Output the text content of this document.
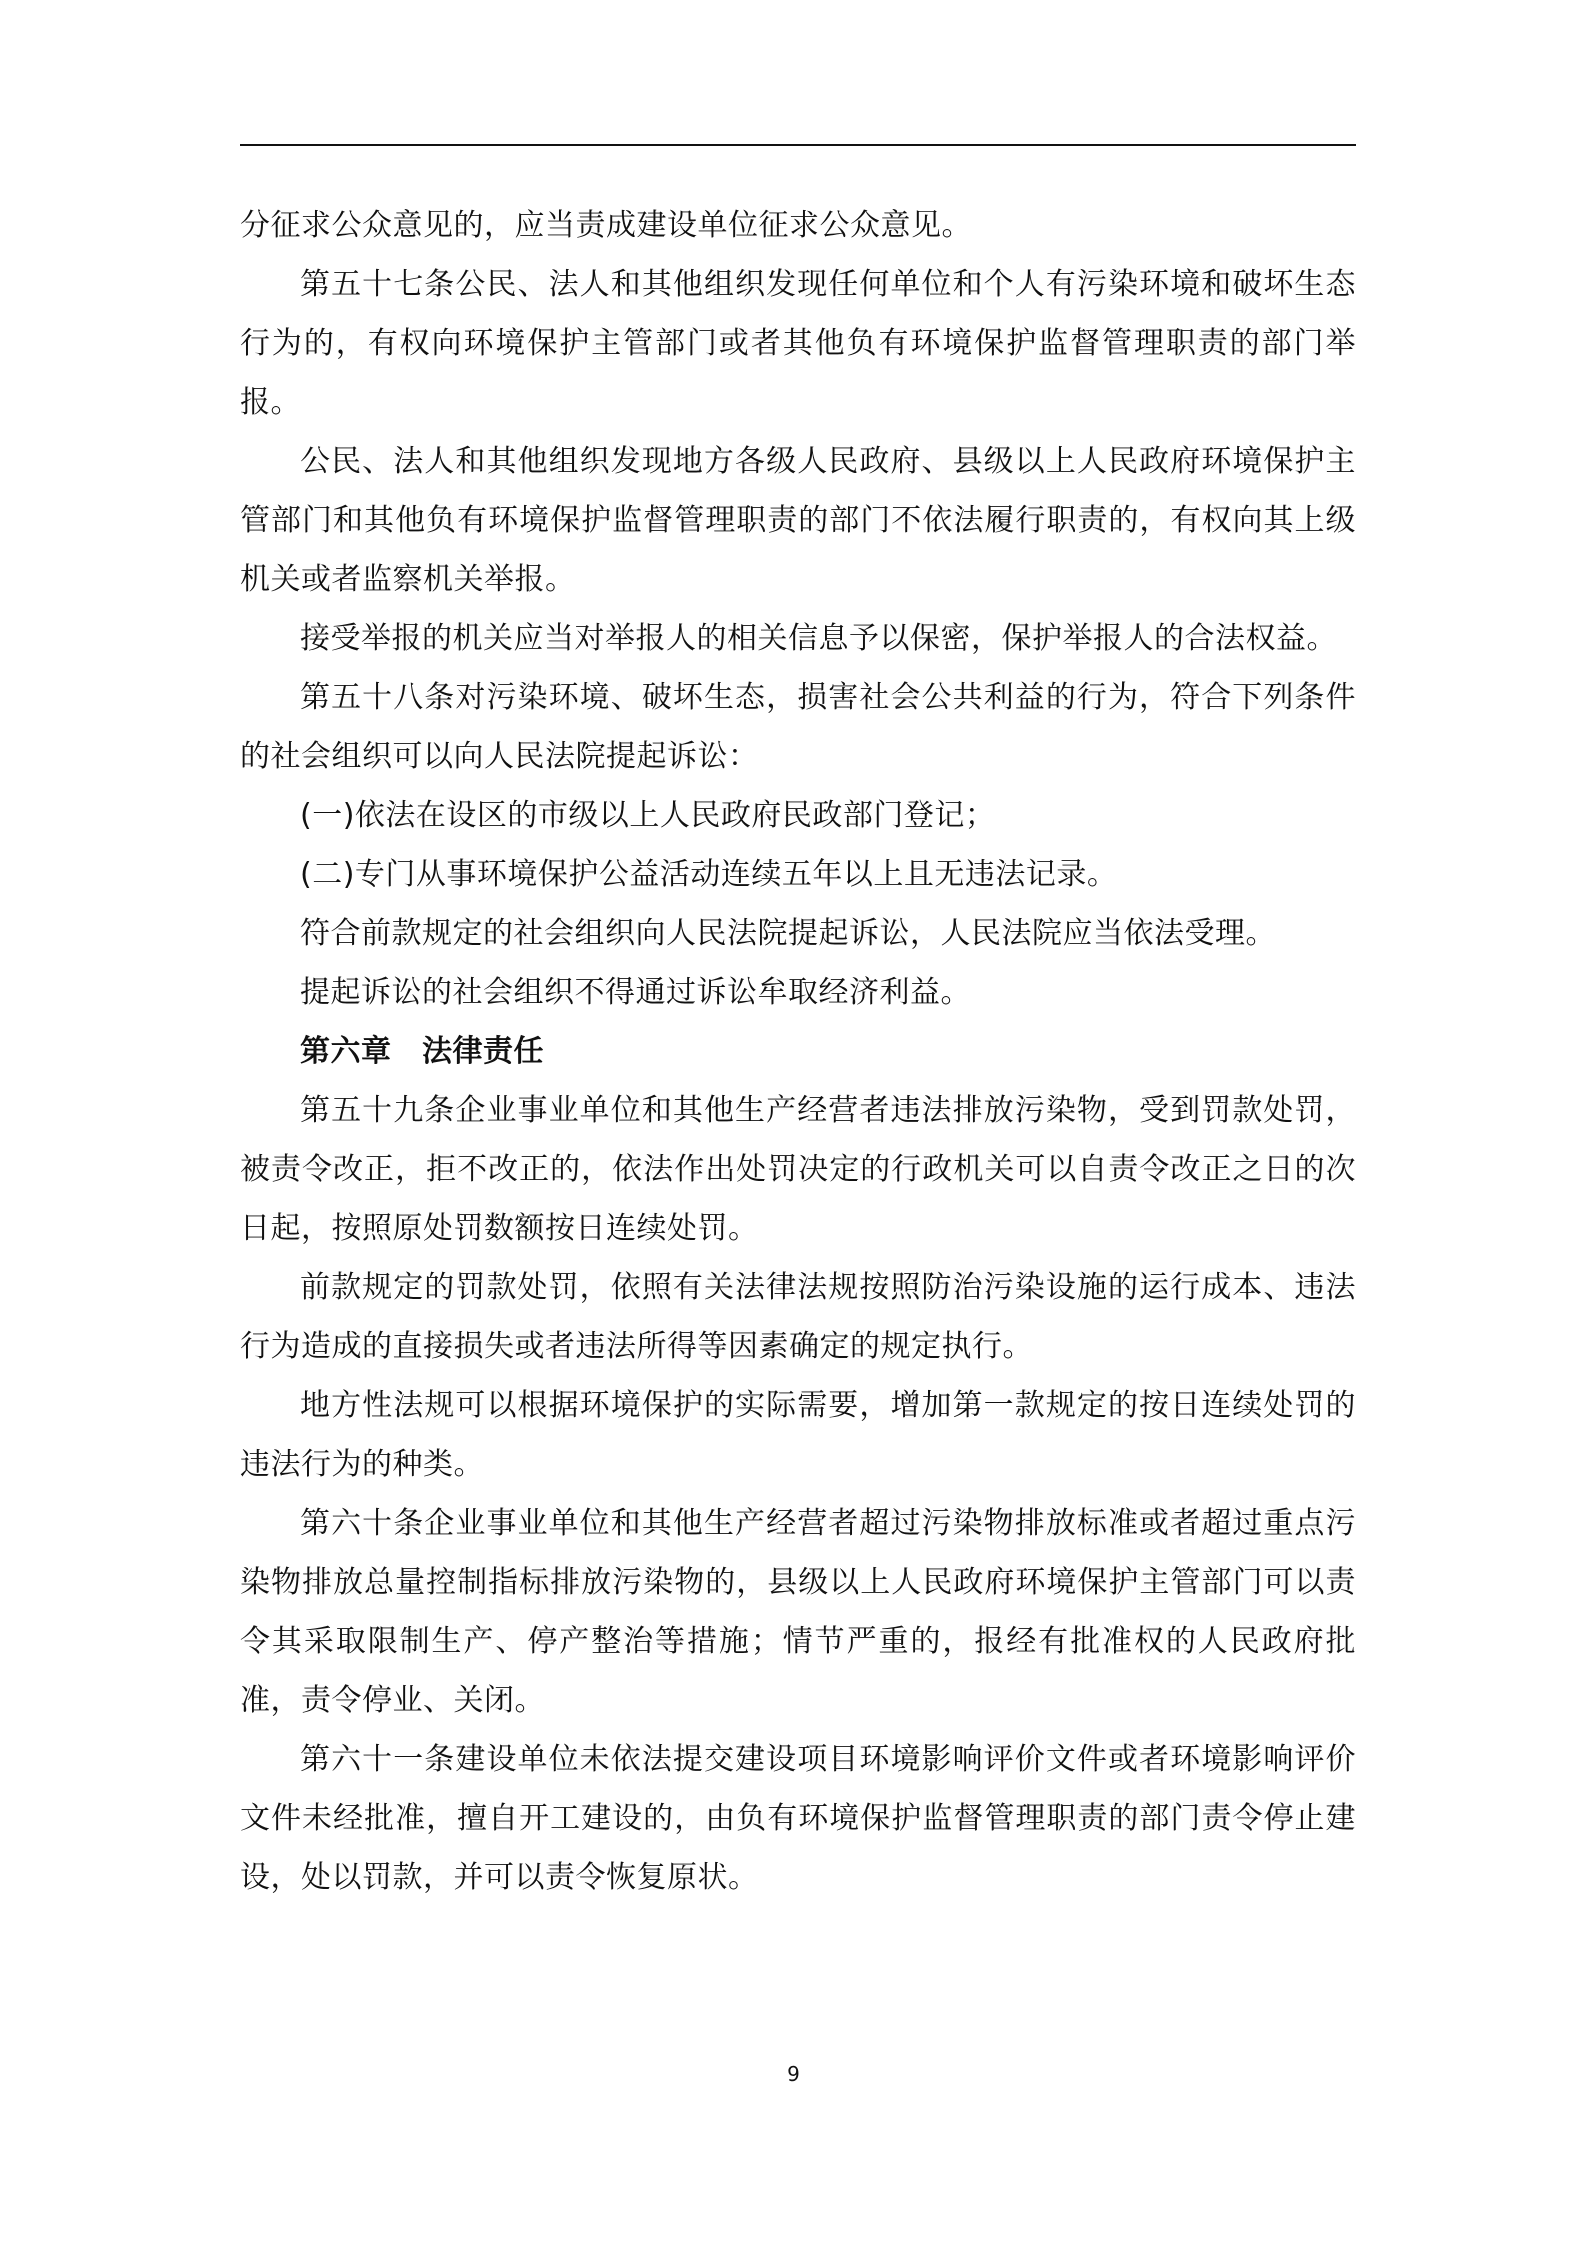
分征求公众意见的，应当责成建设单位征求公众意见。

第五十七条公民、法人和其他组织发现任何单位和个人有污染环境和破坏生态行为的，有权向环境保护主管部门或者其他负有环境保护监督管理职责的部门举报。

公民、法人和其他组织发现地方各级人民政府、县级以上人民政府环境保护主管部门和其他负有环境保护监督管理职责的部门不依法履行职责的，有权向其上级机关或者监察机关举报。

接受举报的机关应当对举报人的相关信息予以保密，保护举报人的合法权益。

第五十八条对污染环境、破坏生态，损害社会公共利益的行为，符合下列条件的社会组织可以向人民法院提起诉讼：

(一)依法在设区的市级以上人民政府民政部门登记；

(二)专门从事环境保护公益活动连续五年以上且无违法记录。

符合前款规定的社会组织向人民法院提起诉讼，人民法院应当依法受理。

提起诉讼的社会组织不得通过诉讼牟取经济利益。

第六章　法律责任

第五十九条企业事业单位和其他生产经营者违法排放污染物，受到罚款处罚，被责令改正，拒不改正的，依法作出处罚决定的行政机关可以自责令改正之日的次日起，按照原处罚数额按日连续处罚。

前款规定的罚款处罚，依照有关法律法规按照防治污染设施的运行成本、违法行为造成的直接损失或者违法所得等因素确定的规定执行。

地方性法规可以根据环境保护的实际需要，增加第一款规定的按日连续处罚的违法行为的种类。

第六十条企业事业单位和其他生产经营者超过污染物排放标准或者超过重点污染物排放总量控制指标排放污染物的，县级以上人民政府环境保护主管部门可以责令其采取限制生产、停产整治等措施；情节严重的，报经有批准权的人民政府批准，责令停业、关闭。

第六十一条建设单位未依法提交建设项目环境影响评价文件或者环境影响评价文件未经批准，擅自开工建设的，由负有环境保护监督管理职责的部门责令停止建设，处以罚款，并可以责令恢复原状。

9
